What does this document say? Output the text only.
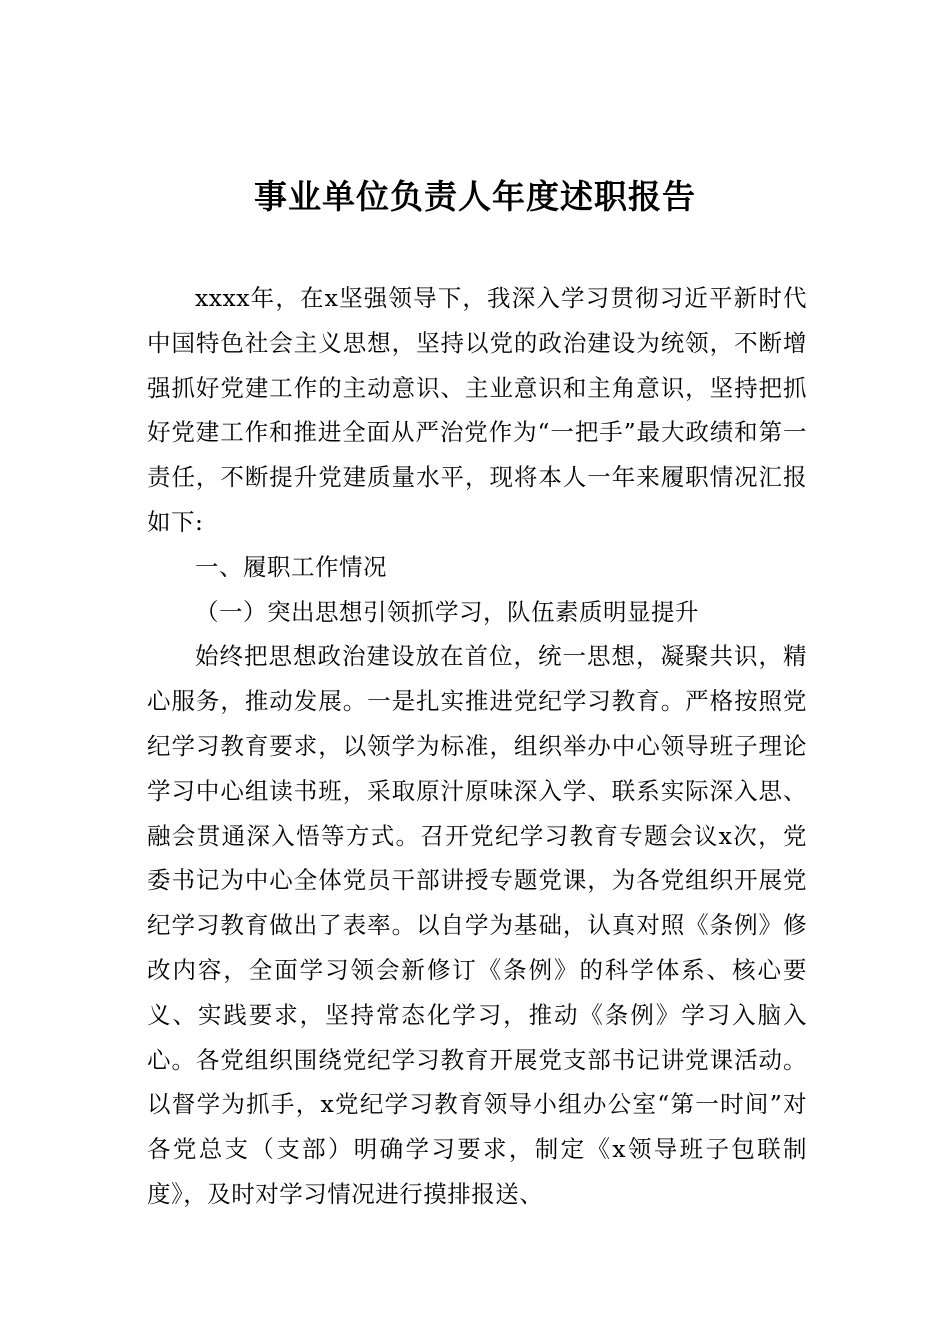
事业单位负责人年度述职报告

xxxx年，在x坚强领导下，我深入学习贯彻习近平新时代中国特色社会主义思想，坚持以党的政治建设为统领，不断增强抓好党建工作的主动意识、主业意识和主角意识，坚持把抓好党建工作和推进全面从严治党作为“一把手”最大政绩和第一责任，不断提升党建质量水平，现将本人一年来履职情况汇报如下:

一、履职工作情况

（一）突出思想引领抓学习，队伍素质明显提升

始终把思想政治建设放在首位，统一思想，凝聚共识，精心服务，推动发展。一是扎实推进党纪学习教育。严格按照党纪学习教育要求，以领学为标准，组织举办中心领导班子理论学习中心组读书班，采取原汁原味深入学、联系实际深入思、融会贯通深入悟等方式。召开党纪学习教育专题会议x次，党委书记为中心全体党员干部讲授专题党课，为各党组织开展党纪学习教育做出了表率。以自学为基础，认真对照《条例》修改内容，全面学习领会新修订《条例》的科学体系、核心要义、实践要求，坚持常态化学习，推动《条例》学习入脑入心。各党组织围绕党纪学习教育开展党支部书记讲党课活动。以督学为抓手，x党纪学习教育领导小组办公室“第一时间”对各党总支（支部）明确学习要求，制定《x领导班子包联制度》，及时对学习情况进行摸排报送、
